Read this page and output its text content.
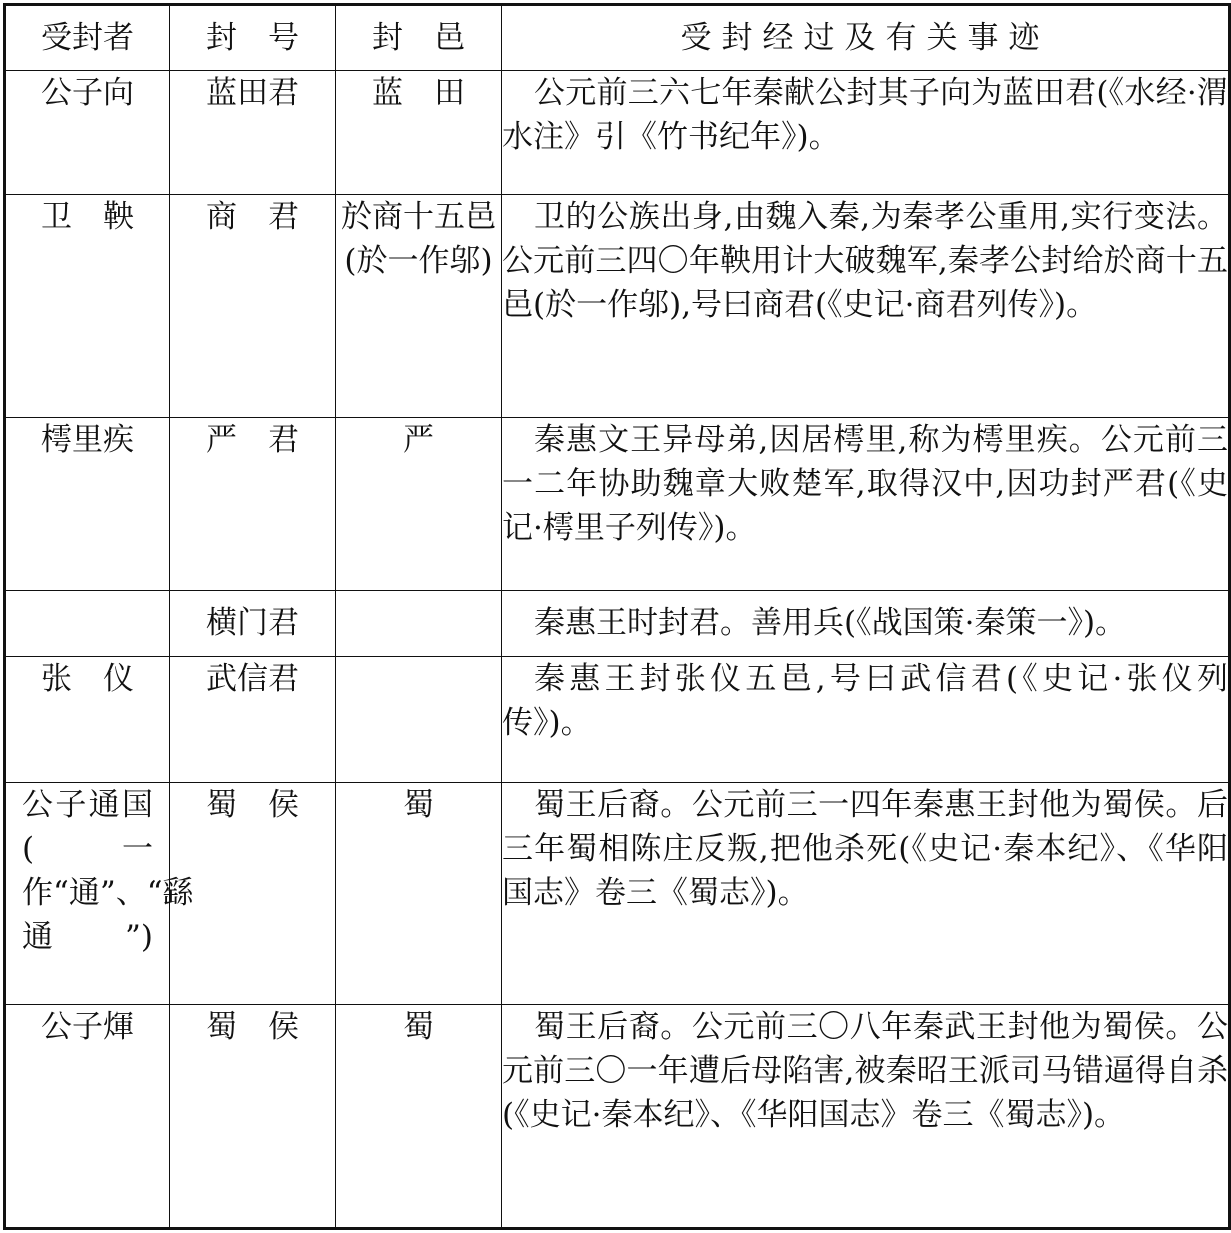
受封者	封　号	封　邑	受封经过及有关事迹
公子向	蓝田君	蓝　田	公元前三六七年秦献公封其子向为蓝田君(《水经·渭水注》引《竹书纪年》)。
卫　鞅	商　君	於商十五邑(於一作邬)	卫的公族出身,由魏入秦,为秦孝公重用,实行变法。公元前三四〇年鞅用计大破魏军,秦孝公封给於商十五邑(於一作邬),号曰商君(《史记·商君列传》)。
樗里疾	严　君	严	秦惠文王异母弟,因居樗里,称为樗里疾。公元前三一二年协助魏章大败楚军,取得汉中,因功封严君(《史记·樗里子列传》)。
	横门君		秦惠王时封君。善用兵(《战国策·秦策一》)。
张　仪	武信君		秦惠王封张仪五邑,号曰武信君(《史记·张仪列传》)。
公子通国(一作“通”、“繇通”)	蜀　侯	蜀	蜀王后裔。公元前三一四年秦惠王封他为蜀侯。后三年蜀相陈庄反叛,把他杀死(《史记·秦本纪》、《华阳国志》卷三《蜀志》)。
公子煇	蜀　侯	蜀	蜀王后裔。公元前三〇八年秦武王封他为蜀侯。公元前三〇一年遭后母陷害,被秦昭王派司马错逼得自杀(《史记·秦本纪》、《华阳国志》卷三《蜀志》)。
